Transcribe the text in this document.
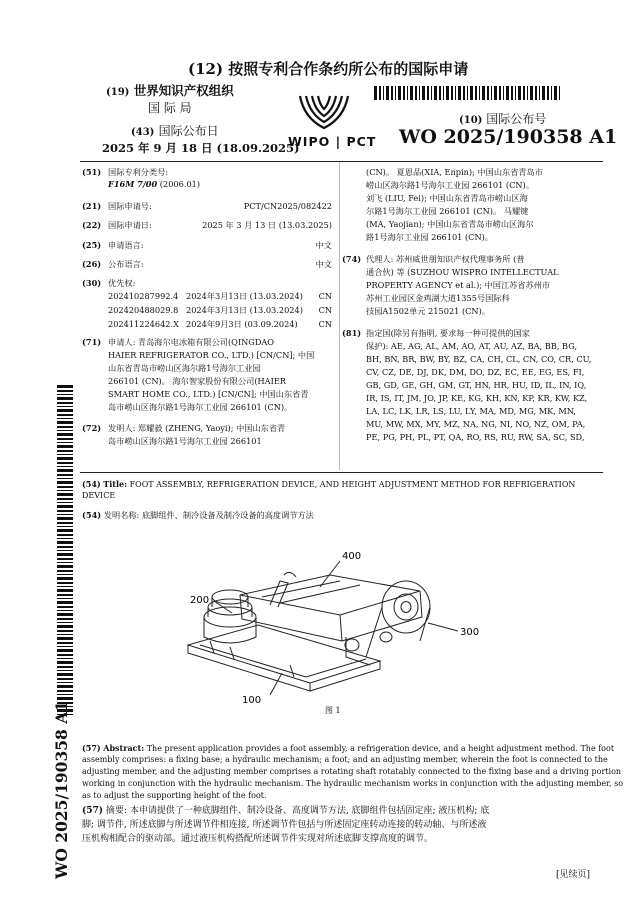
(12) 按照专利合作条约所公布的国际申请
(19) 世界知识产权组织
国 际 局
(43) 国际公布日
2025 年 9 月 18 日 (18.09.2025)
WIPO | PCT
(10) 国际公布号
WO 2025/190358 A1
(51) 国际专利分类号:
F16M 7/00 (2006.01)
(21) 国际申请号:	PCT/CN2025/082422
(22) 国际申请日:	2025 年 3 月 13 日 (13.03.2025)
(25) 申请语言:	中文
(26) 公布语言:	中文
(30) 优先权:
202410287992.4 2024年3月13日 (13.03.2024) CN
202420488029.8 2024年3月13日 (13.03.2024) CN
202411224642.X 2024年9月3日 (03.09.2024)	CN
(71) 申请人: 青岛海尔电冰箱有限公司(QINGDAO
HAIER REFRIGERATOR CO., LTD.) [CN/CN]; 中国
山东省青岛市崂山区海尔路1号海尔工业园
266101 (CN)。 海尔智家股份有限公司(HAIER
SMART HOME CO., LTD.) [CN/CN]; 中国山东省青
岛市崂山区海尔路1号海尔工业园 266101 (CN)。
(72) 发明人: 郑耀毅 (ZHENG, Yaoyi); 中国山东省青
岛市崂山区海尔路1号海尔工业园 266101
(CN)。 夏恩品(XIA, Enpin); 中国山东省青岛市
崂山区海尔路1号海尔工业园 266101 (CN)。
刘飞 (LIU, Fei); 中国山东省青岛市崂山区海
尔路1号海尔工业园 266101 (CN)。 马耀键
(MA, Yaojian); 中国山东省青岛市崂山区海尔
路1号海尔工业园 266101 (CN)。
(74) 代理人: 苏州威世朋知识产权代理事务所 (普
通合伙) 等 (SUZHOU WISPRO INTELLECTUAL
PROPERTY AGENCY et al.); 中国江苏省苏州市
苏州工业园区金鸡湖大道1355号国际科
技园A1502单元 215021 (CN)。
(81) 指定国(除另有指明, 要求每一种可提供的国家
保护): AE, AG, AL, AM, AO, AT, AU, AZ, BA, BB, BG,
BH, BN, BR, BW, BY, BZ, CA, CH, CL, CN, CO, CR, CU,
CV, CZ, DE, DJ, DK, DM, DO, DZ, EC, EE, EG, ES, FI,
GB, GD, GE, GH, GM, GT, HN, HR, HU, ID, IL, IN, IQ,
IR, IS, IT, JM, JO, JP, KE, KG, KH, KN, KP, KR, KW, KZ,
LA, LC, LK, LR, LS, LU, LY, MA, MD, MG, MK, MN,
MU, MW, MX, MY, MZ, NA, NG, NI, NO, NZ, OM, PA,
PE, PG, PH, PL, PT, QA, RO, RS, RU, RW, SA, SC, SD,
(54) Title: FOOT ASSEMBLY, REFRIGERATION DEVICE, AND HEIGHT ADJUSTMENT METHOD FOR REFRIGERATION
DEVICE
(54) 发明名称: 底脚组件、制冷设备及制冷设备的高度调节方法
400
200
300
100
图 1
(57) Abstract: The present application provides a foot assembly, a refrigeration device, and a height adjustment method. The foot
assembly comprises: a fixing base; a hydraulic mechanism; a foot; and an adjusting member, wherein the foot is connected to the
adjusting member, and the adjusting member comprises a rotating shaft rotatably connected to the fixing base and a driving portion
working in conjunction with the hydraulic mechanism. The hydraulic mechanism works in conjunction with the adjusting member, so
as to adjust the supporting height of the foot.
(57) 摘要: 本申请提供了一种底脚组件、制冷设备、高度调节方法, 底脚组件包括固定座; 液压机构; 底
脚; 调节件, 所述底脚与所述调节件相连接, 所述调节件包括与所述固定座转动连接的转动轴、与所述液
压机构相配合的驱动部。通过液压机构搭配所述调节件实现对所述底脚支撑高度的调节。
WO 2025/190358 A1	[见续页]
